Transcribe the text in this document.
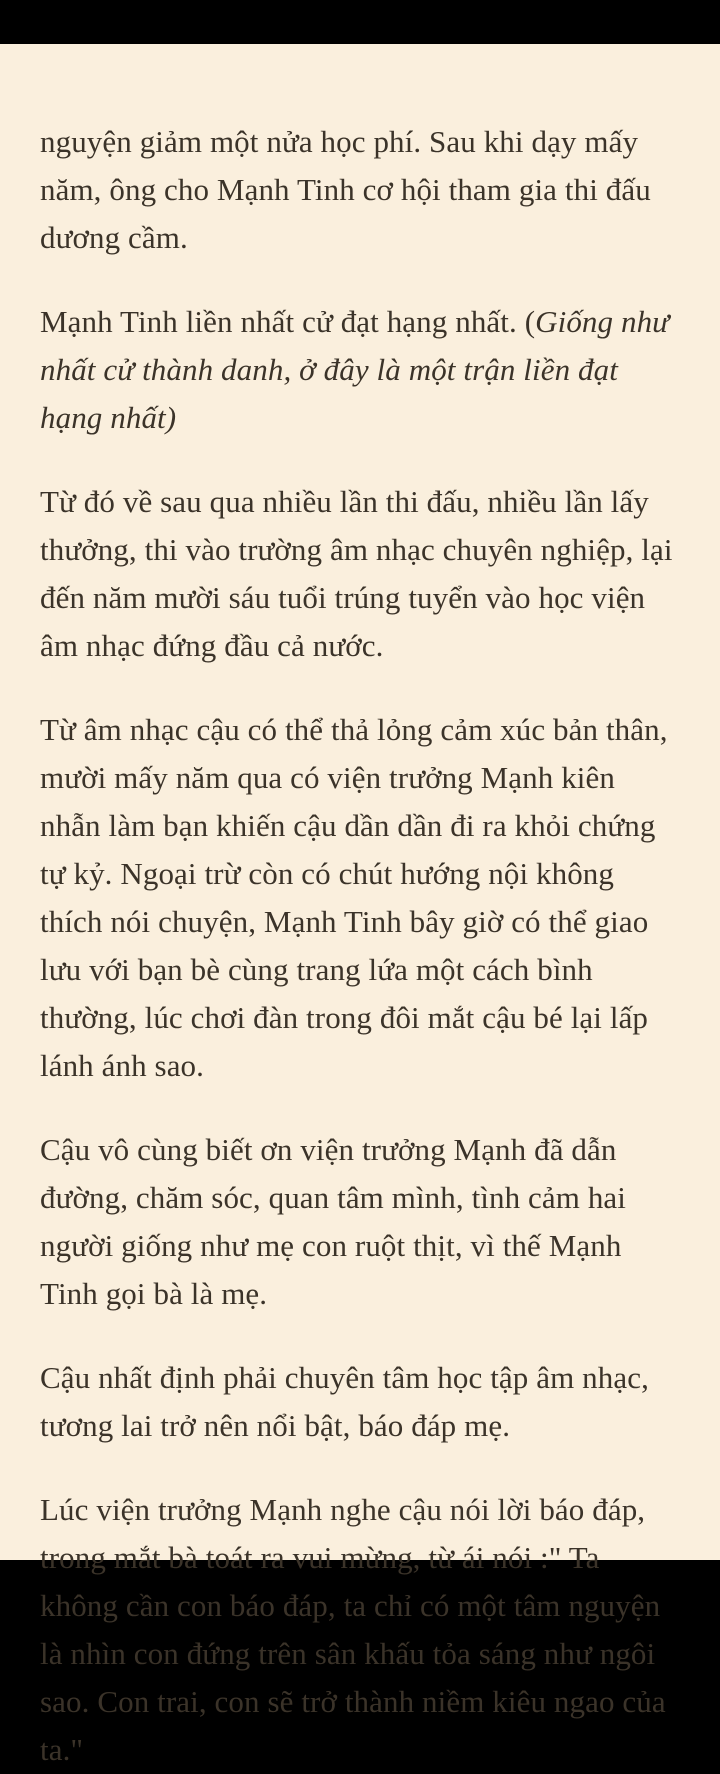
nguyện giảm một nửa học phí. Sau khi dạy mấy năm, ông cho Mạnh Tinh cơ hội tham gia thi đấu dương cầm.

Mạnh Tinh liền nhất cử đạt hạng nhất. (Giống như nhất cử thành danh, ở đây là một trận liền đạt hạng nhất)

Từ đó về sau qua nhiều lần thi đấu, nhiều lần lấy thưởng, thi vào trường âm nhạc chuyên nghiệp, lại đến năm mười sáu tuổi trúng tuyển vào học viện âm nhạc đứng đầu cả nước.

Từ âm nhạc cậu có thể thả lỏng cảm xúc bản thân, mười mấy năm qua có viện trưởng Mạnh kiên nhẫn làm bạn khiến cậu dần dần đi ra khỏi chứng tự kỷ. Ngoại trừ còn có chút hướng nội không thích nói chuyện, Mạnh Tinh bây giờ có thể giao lưu với bạn bè cùng trang lứa một cách bình thường, lúc chơi đàn trong đôi mắt cậu bé lại lấp lánh ánh sao.

Cậu vô cùng biết ơn viện trưởng Mạnh đã dẫn đường, chăm sóc, quan tâm mình, tình cảm hai người giống như mẹ con ruột thịt, vì thế Mạnh Tinh gọi bà là mẹ.

Cậu nhất định phải chuyên tâm học tập âm nhạc, tương lai trở nên nổi bật, báo đáp mẹ.

Lúc viện trưởng Mạnh nghe cậu nói lời báo đáp, trong mắt bà toát ra vui mừng, từ ái nói :" Ta không cần con báo đáp, ta chỉ có một tâm nguyện là nhìn con đứng trên sân khấu tỏa sáng như ngôi sao. Con trai, con sẽ trở thành niềm kiêu ngao của ta."
